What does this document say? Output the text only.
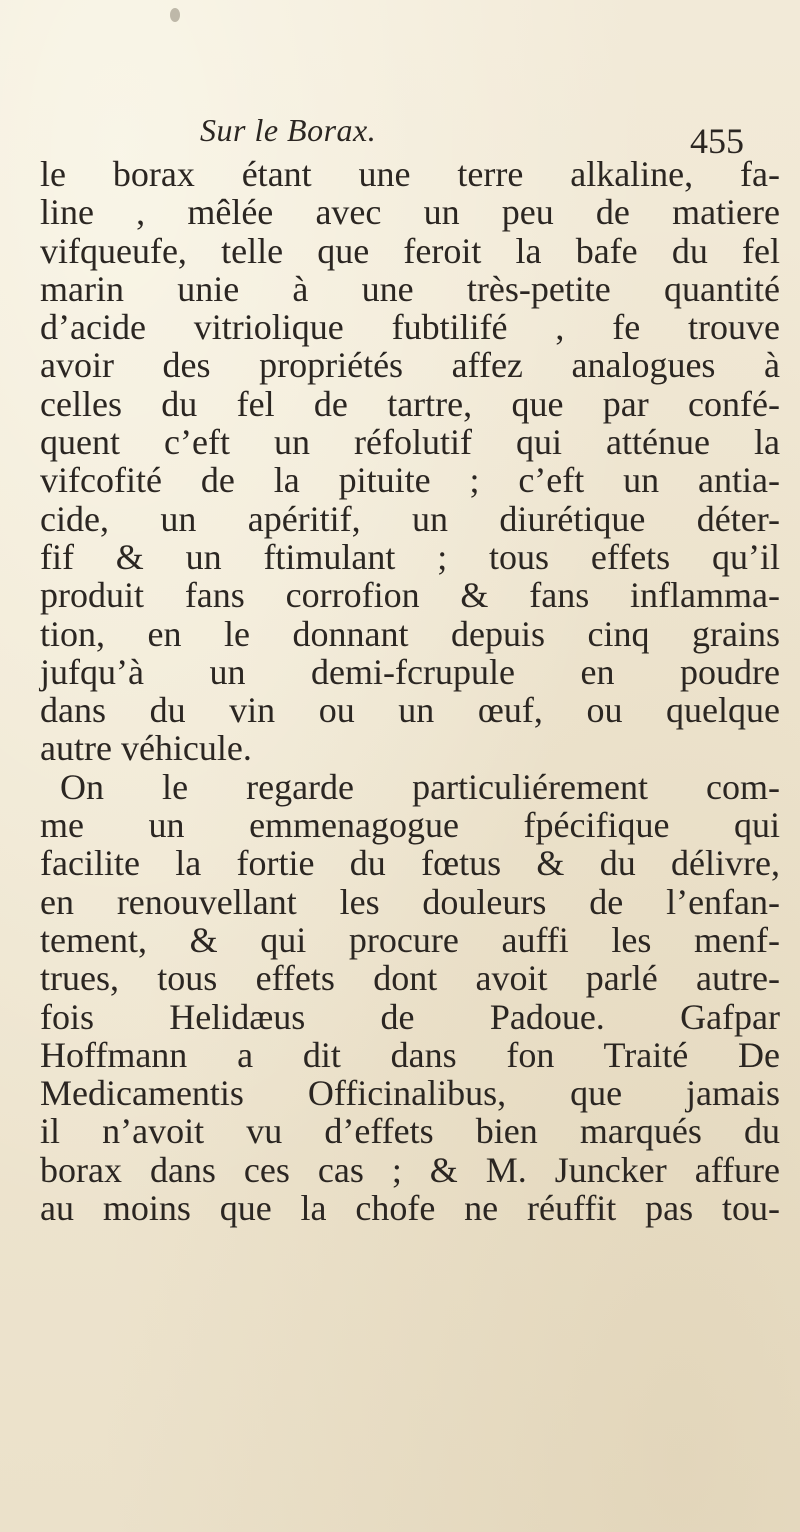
Sur le Borax.	455
le borax étant une terre alkaline, fa-
line , mêlée avec un peu de matiere
vifqueufe, telle que feroit la bafe du fel
marin unie à une très-petite quantité
d’acide vitriolique fubtilifé , fe trouve
avoir des propriétés affez analogues à
celles du fel de tartre, que par confé-
quent c’eft un réfolutif qui atténue la
vifcofité de la pituite ; c’eft un antia-
cide, un apéritif, un diurétique déter-
fif & un ftimulant ; tous effets qu’il
produit fans corrofion & fans inflamma-
tion, en le donnant depuis cinq grains
jufqu’à un demi-fcrupule en poudre
dans du vin ou un œuf, ou quelque
autre véhicule.
On le regarde particuliérement com-
me un emmenagogue fpécifique qui
facilite la fortie du fœtus & du délivre,
en renouvellant les douleurs de l’enfan-
tement, & qui procure auffi les menf-
trues, tous effets dont avoit parlé autre-
fois Helidæus de Padoue. Gafpar
Hoffmann a dit dans fon Traité De
Medicamentis Officinalibus, que jamais
il n’avoit vu d’effets bien marqués du
borax dans ces cas ; & M. Juncker affure
au moins que la chofe ne réuffit pas tou-
